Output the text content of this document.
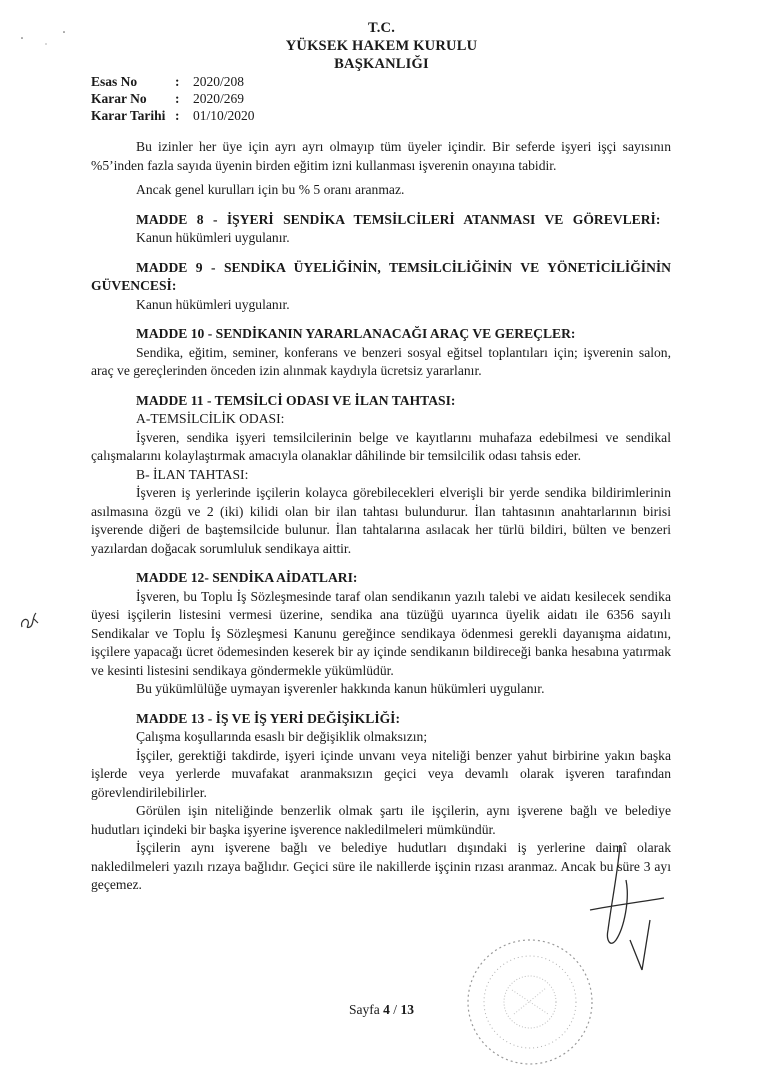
T.C.
YÜKSEK HAKEM KURULU
BAŞKANLIĞI
Esas No	:	2020/208
Karar No	:	2020/269
Karar Tarihi :	01/10/2020

Bu izinler her üye için ayrı ayrı olmayıp tüm üyeler içindir. Bir seferde işyeri işçi sayısının %5’inden fazla sayıda üyenin birden eğitim izni kullanması işverenin onayına tabidir.

Ancak genel kurulları için bu % 5 oranı aranmaz.

MADDE 8 - İŞYERİ SENDİKA TEMSİLCİLERİ ATANMASI VE GÖREVLERİ:

Kanun hükümleri uygulanır.

MADDE 9 - SENDİKA ÜYELİĞİNİN, TEMSİLCİLİĞİNİN VE YÖNETİCİLİĞİNİN GÜVENCESİ:

Kanun hükümleri uygulanır.

MADDE 10 - SENDİKANIN YARARLANACAĞI ARAÇ VE GEREÇLER:

Sendika, eğitim, seminer, konferans ve benzeri sosyal eğitsel toplantıları için; işverenin salon, araç ve gereçlerinden önceden izin alınmak kaydıyla ücretsiz yararlanır.

MADDE 11 - TEMSİLCİ ODASI VE İLAN TAHTASI:

A-TEMSİLCİLİK ODASI:

İşveren, sendika işyeri temsilcilerinin belge ve kayıtlarını muhafaza edebilmesi ve sendikal çalışmalarını kolaylaştırmak amacıyla olanaklar dâhilinde bir temsilcilik odası tahsis eder.

B- İLAN TAHTASI:

İşveren iş yerlerinde işçilerin kolayca görebilecekleri elverişli bir yerde sendika bildirimlerinin asılmasına özgü ve 2 (iki) kilidi olan bir ilan tahtası bulundurur. İlan tahtasının anahtarlarının birisi işverende diğeri de baştemsilcide bulunur. İlan tahtalarına asılacak her türlü bildiri, bülten ve benzeri yazılardan doğacak sorumluluk sendikaya aittir.

MADDE 12- SENDİKA AİDATLARI:

İşveren, bu Toplu İş Sözleşmesinde taraf olan sendikanın yazılı talebi ve aidatı kesilecek sendika üyesi işçilerin listesini vermesi üzerine, sendika ana tüzüğü uyarınca üyelik aidatı ile 6356 sayılı Sendikalar ve Toplu İş Sözleşmesi Kanunu gereğince sendikaya ödenmesi gerekli dayanışma aidatını, işçilere yapacağı ücret ödemesinden keserek bir ay içinde sendikanın bildireceği banka hesabına yatırmak ve kesinti listesini sendikaya göndermekle yükümlüdür.

Bu yükümlülüğe uymayan işverenler hakkında kanun hükümleri uygulanır.

MADDE 13 - İŞ VE İŞ YERİ DEĞİŞİKLİĞİ:

Çalışma koşullarında esaslı bir değişiklik olmaksızın;

İşçiler, gerektiği takdirde, işyeri içinde unvanı veya niteliği benzer yahut birbirine yakın başka işlerde veya yerlerde muvafakat aranmaksızın geçici veya devamlı olarak işveren tarafından görevlendirilebilirler.

Görülen işin niteliğinde benzerlik olmak şartı ile işçilerin, aynı işverene bağlı ve belediye hudutları içindeki bir başka işyerine işverence nakledilmeleri mümkündür.

İşçilerin aynı işverene bağlı ve belediye hudutları dışındaki iş yerlerine daimî olarak nakledilmeleri yazılı rızaya bağlıdır. Geçici süre ile nakillerde işçinin rızası aranmaz. Ancak bu süre 3 ayı geçemez.

Sayfa 4 / 13
